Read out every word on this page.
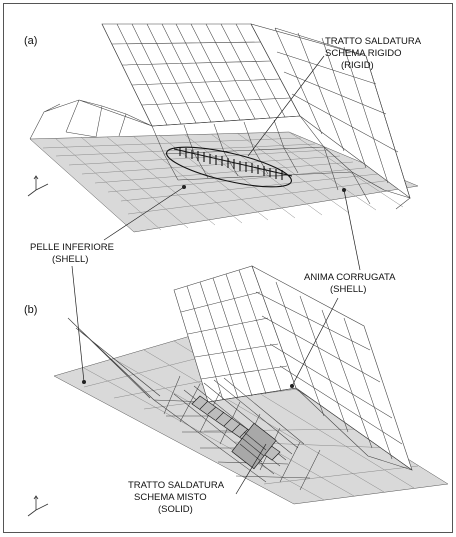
(a)	TRATTO SALDATURA
SCHEMA RIGIDO
(RIGID)
PELLE INFERIORE
(SHELL)
ANIMA CORRUGATA
(SHELL)
(b)
TRATTO SALDATURA
SCHEMA MISTO
(SOLID)
